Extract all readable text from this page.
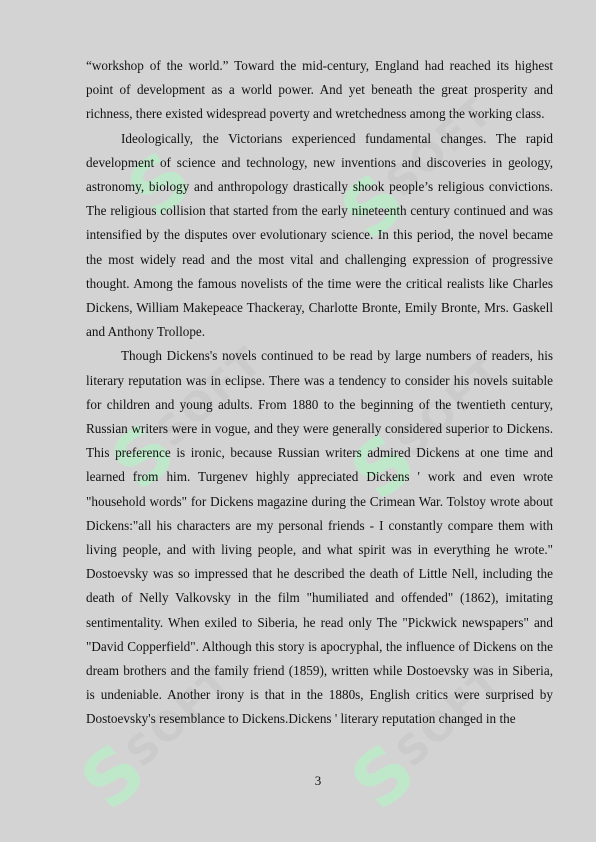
S S
SOFT
S
SOFT
S
SOFT
S
SOFT
S
SOFT

“workshop of the world.” Toward the mid-century, England had reached its highest point of development as a world power. And yet beneath the great prosperity and richness, there existed widespread poverty and wretchedness among the working class.

Ideologically, the Victorians experienced fundamental changes. The rapid development of science and technology, new inventions and discoveries in geology, astronomy, biology and anthropology drastically shook people’s religious convictions. The religious collision that started from the early nineteenth century continued and was intensified by the disputes over evolutionary science. In this period, the novel became the most widely read and the most vital and challenging expression of progressive thought. Among the famous novelists of the time were the critical realists like Charles Dickens, William Makepeace Thackeray, Charlotte Bronte, Emily Bronte, Mrs. Gaskell and Anthony Trollope.

Though Dickens's novels continued to be read by large numbers of readers, his literary reputation was in eclipse. There was a tendency to consider his novels suitable for children and young adults. From 1880 to the beginning of the twentieth century, Russian writers were in vogue, and they were generally considered superior to Dickens. This preference is ironic, because Russian writers admired Dickens at one time and learned from him. Turgenev highly appreciated Dickens ' work and even wrote "household words" for Dickens magazine during the Crimean War. Tolstoy wrote about Dickens:"all his characters are my personal friends - I constantly compare them with living people, and with living people, and what spirit was in everything he wrote." Dostoevsky was so impressed that he described the death of Little Nell, including the death of Nelly Valkovsky in the film "humiliated and offended" (1862), imitating sentimentality. When exiled to Siberia, he read only The "Pickwick newspapers" and "David Copperfield". Although this story is apocryphal, the influence of Dickens on the dream brothers and the family friend (1859), written while Dostoevsky was in Siberia, is undeniable. Another irony is that in the 1880s, English critics were surprised by Dostoevsky's resemblance to Dickens.Dickens ' literary reputation changed in the

3
